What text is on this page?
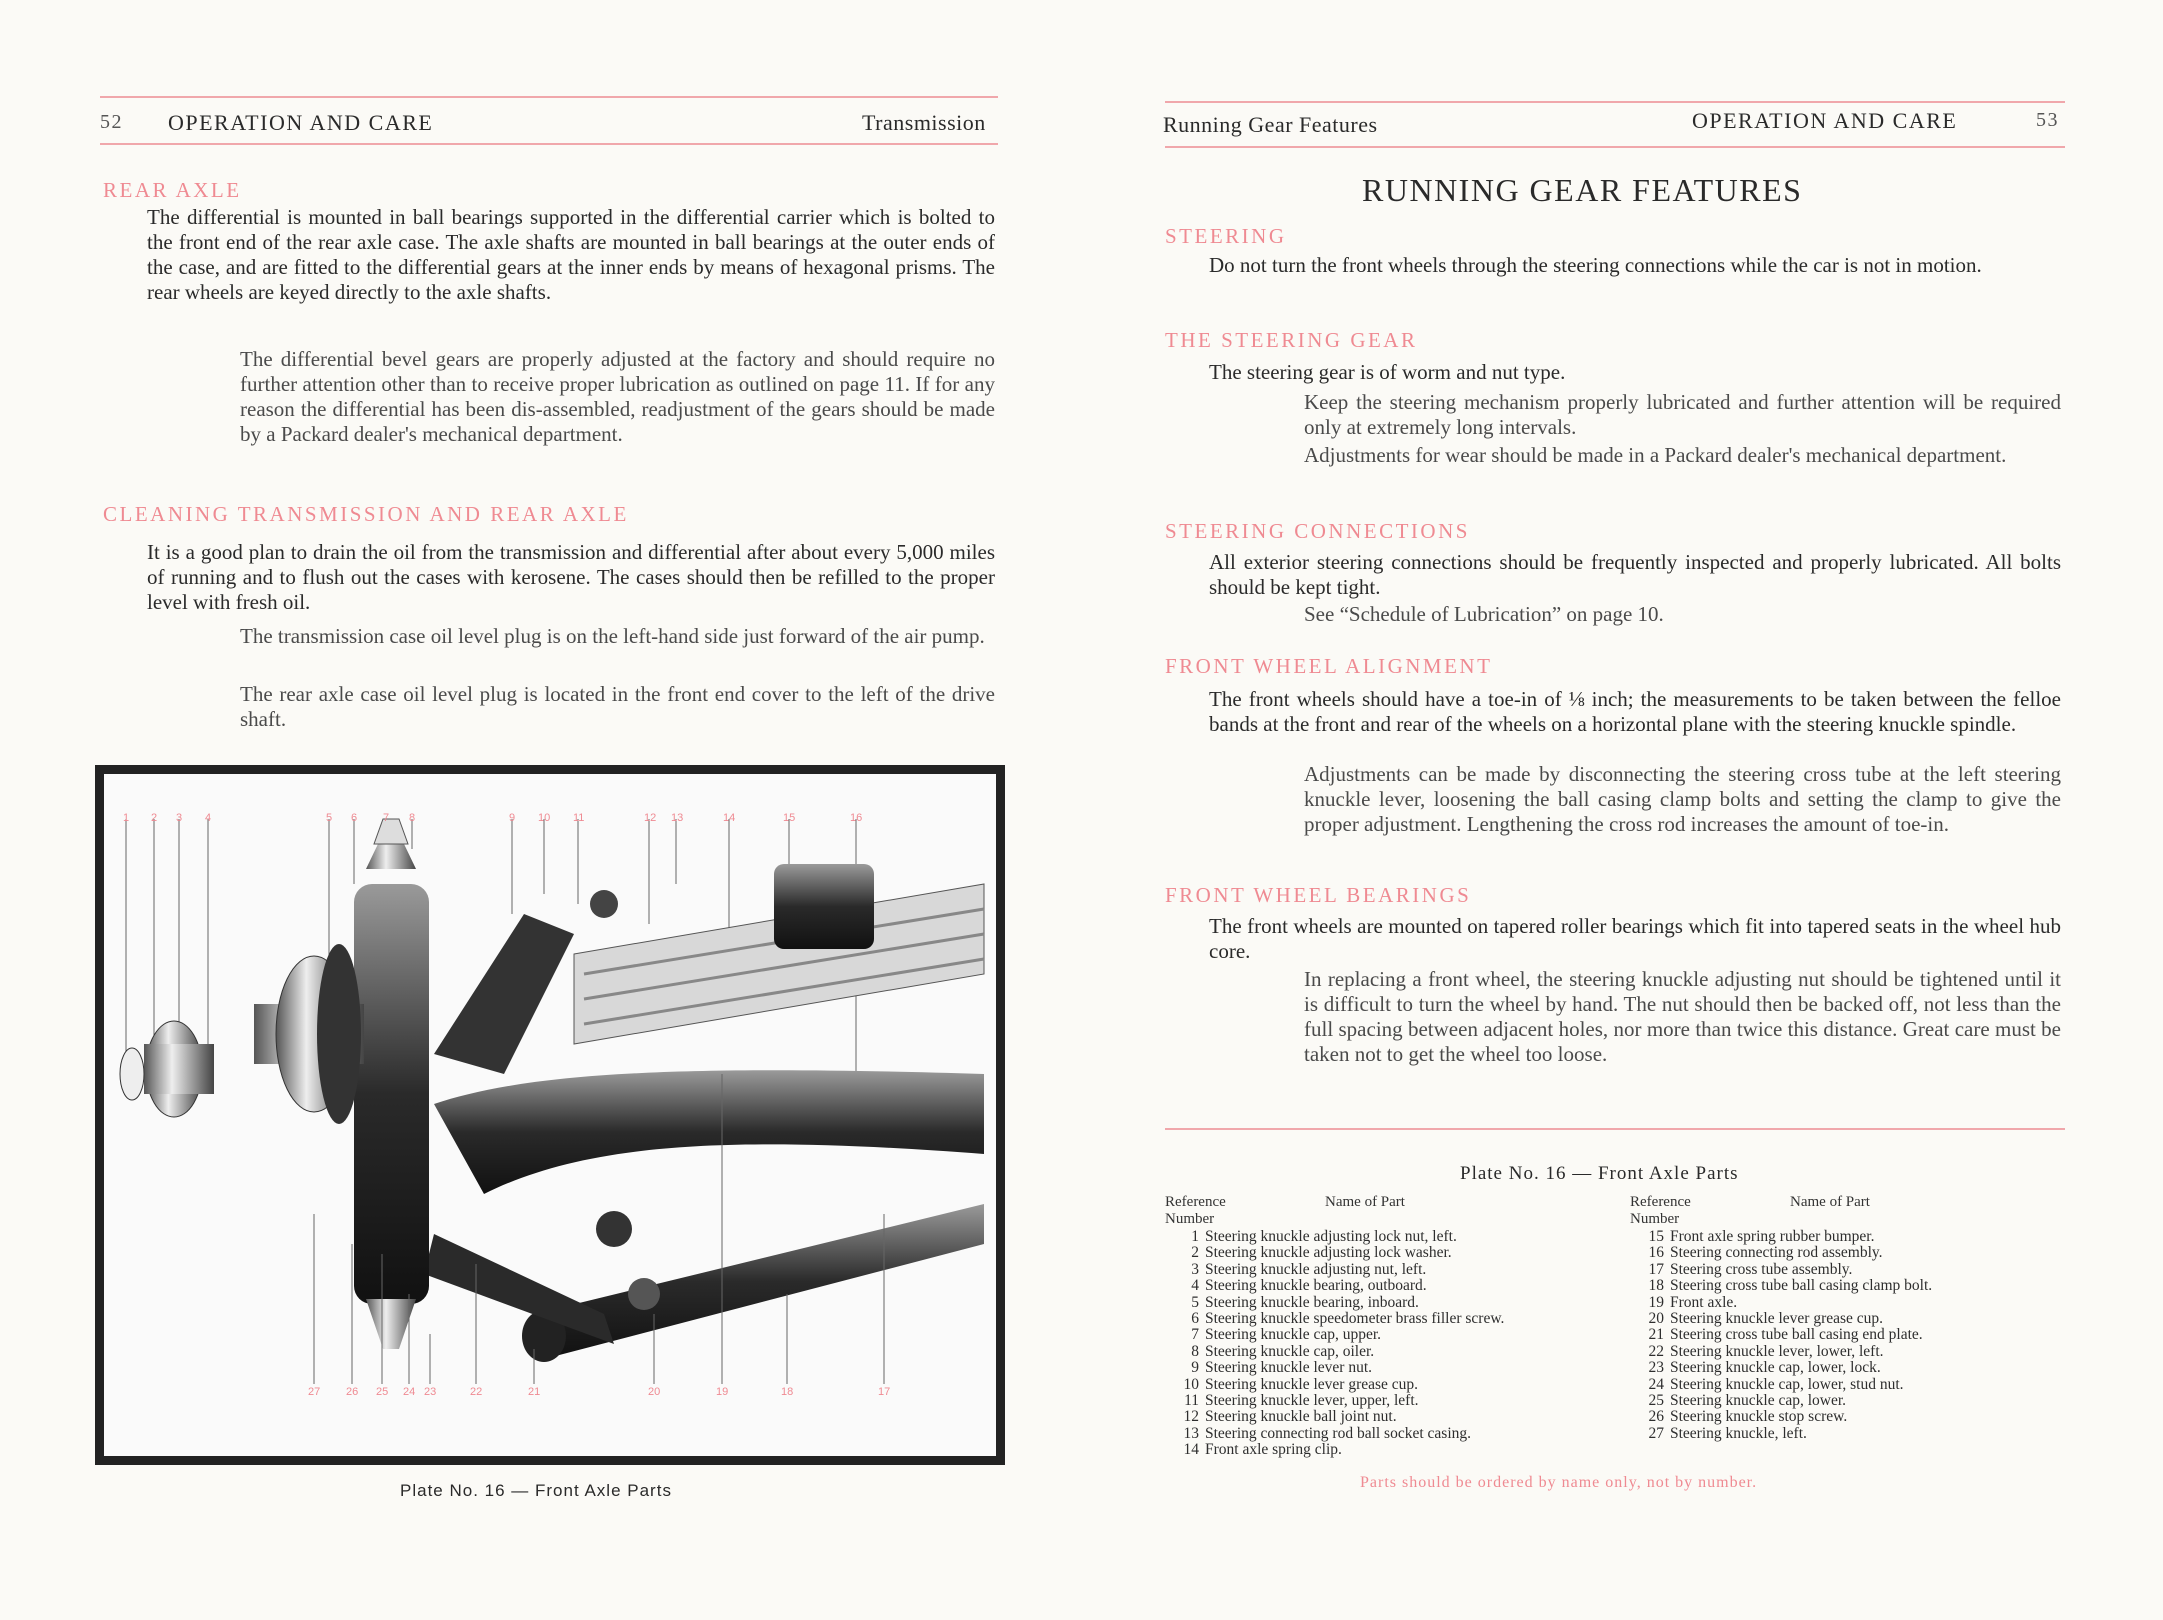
52 OPERATION AND CARE	Transmission
REAR AXLE

The differential is mounted in ball bearings supported in the differential carrier which is bolted to the front end of the rear axle case. The axle shafts are mounted in ball bearings at the outer ends of the case, and are fitted to the differential gears at the inner ends by means of hexagonal prisms. The rear wheels are keyed directly to the axle shafts.

The differential bevel gears are properly adjusted at the factory and should require no further attention other than to receive proper lubrication as outlined on page 11. If for any reason the differential has been dis-assembled, readjustment of the gears should be made by a Packard dealer's mechanical department.

CLEANING TRANSMISSION AND REAR AXLE

It is a good plan to drain the oil from the transmission and differential after about every 5,000 miles of running and to flush out the cases with kerosene. The cases should then be refilled to the proper level with fresh oil.

The transmission case oil level plug is on the left-hand side just forward of the air pump.

The rear axle case oil level plug is located in the front end cover to the left of the drive shaft.

1 2 3 4	5 6 7 8	9 10 11	12 13	14	15	16
27 26 25 24 23	22	21	20	19	18	17
Plate No. 16 — Front Axle Parts
Running Gear Features	OPERATION AND CARE	53
RUNNING GEAR FEATURES
STEERING

Do not turn the front wheels through the steering connections while the car is not in motion.

THE STEERING GEAR

The steering gear is of worm and nut type.

Keep the steering mechanism properly lubricated and further attention will be required only at extremely long intervals.

Adjustments for wear should be made in a Packard dealer's mechanical department.

STEERING CONNECTIONS

All exterior steering connections should be frequently inspected and properly lubricated. All bolts should be kept tight.

See “Schedule of Lubrication” on page 10.

FRONT WHEEL ALIGNMENT

The front wheels should have a toe-in of ⅛ inch; the measurements to be taken between the felloe bands at the front and rear of the wheels on a horizontal plane with the steering knuckle spindle.

Adjustments can be made by disconnecting the steering cross tube at the left steering knuckle lever, loosening the ball casing clamp bolts and setting the clamp to give the proper adjustment. Lengthening the cross rod increases the amount of toe-in.

FRONT WHEEL BEARINGS

The front wheels are mounted on tapered roller bearings which fit into tapered seats in the wheel hub core.

In replacing a front wheel, the steering knuckle adjusting nut should be tightened until it is difficult to turn the wheel by hand. The nut should then be backed off, not less than the full spacing between adjacent holes, nor more than twice this distance. Great care must be taken not to get the wheel too loose.

Plate No. 16 — Front Axle Parts
Reference Number
Name of Part
1 Steering knuckle adjusting lock nut, left.
2 Steering knuckle adjusting lock washer.
3 Steering knuckle adjusting nut, left.
4 Steering knuckle bearing, outboard.
5 Steering knuckle bearing, inboard.
6 Steering knuckle speedometer brass filler screw.
7 Steering knuckle cap, upper.
8 Steering knuckle cap, oiler.
9 Steering knuckle lever nut.
10 Steering knuckle lever grease cup.
11 Steering knuckle lever, upper, left.
12 Steering knuckle ball joint nut.
13 Steering connecting rod ball socket casing.
14 Front axle spring clip.
Reference Number
Name of Part
15 Front axle spring rubber bumper.
16 Steering connecting rod assembly.
17 Steering cross tube assembly.
18 Steering cross tube ball casing clamp bolt.
19 Front axle.
20 Steering knuckle lever grease cup.
21 Steering cross tube ball casing end plate.
22 Steering knuckle lever, lower, left.
23 Steering knuckle cap, lower, lock.
24 Steering knuckle cap, lower, stud nut.
25 Steering knuckle cap, lower.
26 Steering knuckle stop screw.
27 Steering knuckle, left.
Parts should be ordered by name only, not by number.
